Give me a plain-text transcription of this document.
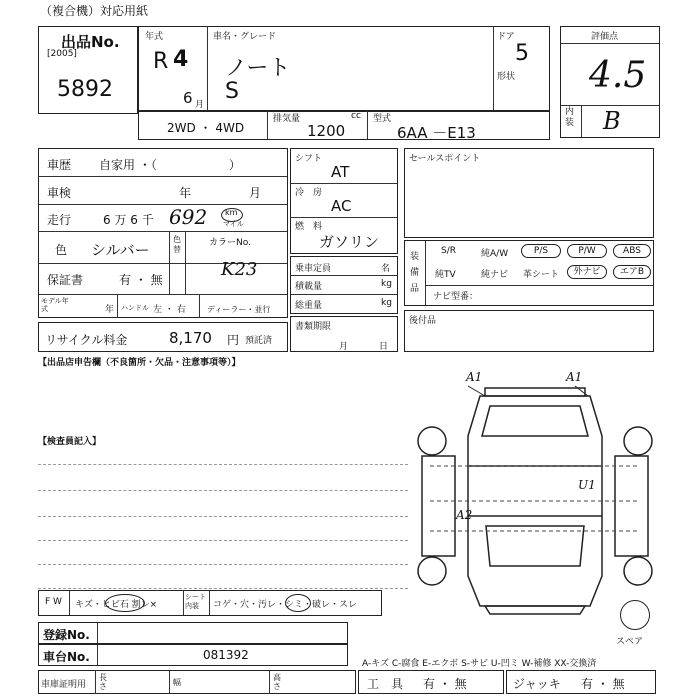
（複合機）対応用紙
出品No.
[2005]
5892
年式
R 4
6 月
車名・グレード
ノート
S
ドア
5
形状
2WD ・ 4WD
排気量	cc
1200
型式
6AA －E13
評価点
4.5
内装 B
車歴 自家用 ・（　　　　　　）
車検	年	月
走行	6 万 6 千 692 km
マイル
色 シルバー
色替
カラーNo.
K23
保証書	有 ・ 無
モデル年式	年 ハンドル 左 ・ 右	ディーラー・並行
リサイクル料金	8,170 円 預託済
シフト
AT
冷　房
AC
燃　料
ガソリン
乗車定員	名
積載量	kg
総重量	kg
書類期限
月	日
セールスポイント
装備品
S/R	純A/W	P/S	P/W	ABS
純TV	純ナビ 革シート	外ナビ	エアB
ナビ型番：
後付品
【出品店申告欄（不良箇所・欠品・注意事項等）】
【検査員記入】
A1	A1
U1
A2
スペア
F W キズ・ヒビ石 割レ×
シート内装	コゲ・穴・汚レ・シミ・破レ・スレ
登録No.
車台No.	081392
A-キズ C-腐食 E-エクボ S-サビ U-凹ミ W-補修 XX-交換済
車庫証明用
長さ	幅
高さ	工　具 有 ・ 無	ジャッキ 有 ・ 無
